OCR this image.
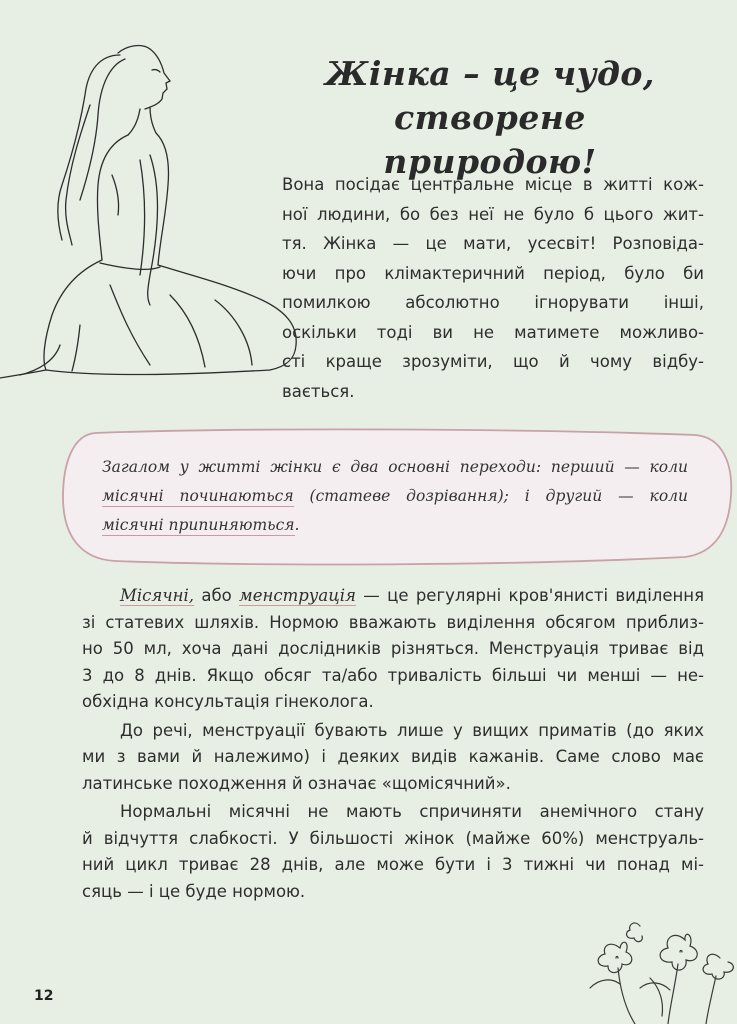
Жінка – це чудо,
створене природою!
Вона посідає центральне місце в житті кож-
ної людини, бо без неї не було б цього жит-
тя. Жінка — це мати, усесвіт! Розповіда-
ючи про клімактеричний період, було би
помилкою абсолютно ігнорувати інші,
оскільки тоді ви не матимете можливо-
сті краще зрозуміти, що й чому відбу-
вається.
Загалом у житті жінки є два основні переходи: перший — коли
місячні починаються (статеве дозрівання); і другий — коли
місячні припиняються.
Місячні, або менструація — це регулярні кров'янисті виділення
зі статевих шляхів. Нормою вважають виділення обсягом приблиз-
но 50 мл, хоча дані дослідників різняться. Менструація триває від
3 до 8 днів. Якщо обсяг та/або тривалість більші чи менші — не-
обхідна консультація гінеколога.
До речі, менструації бувають лише у вищих приматів (до яких
ми з вами й належимо) і деяких видів кажанів. Саме слово має
латинське походження й означає «щомісячний».
Нормальні місячні не мають спричиняти анемічного стану
й відчуття слабкості. У більшості жінок (майже 60%) менструаль-
ний цикл триває 28 днів, але може бути і 3 тижні чи понад мі-
сяць — і це буде нормою.
12
